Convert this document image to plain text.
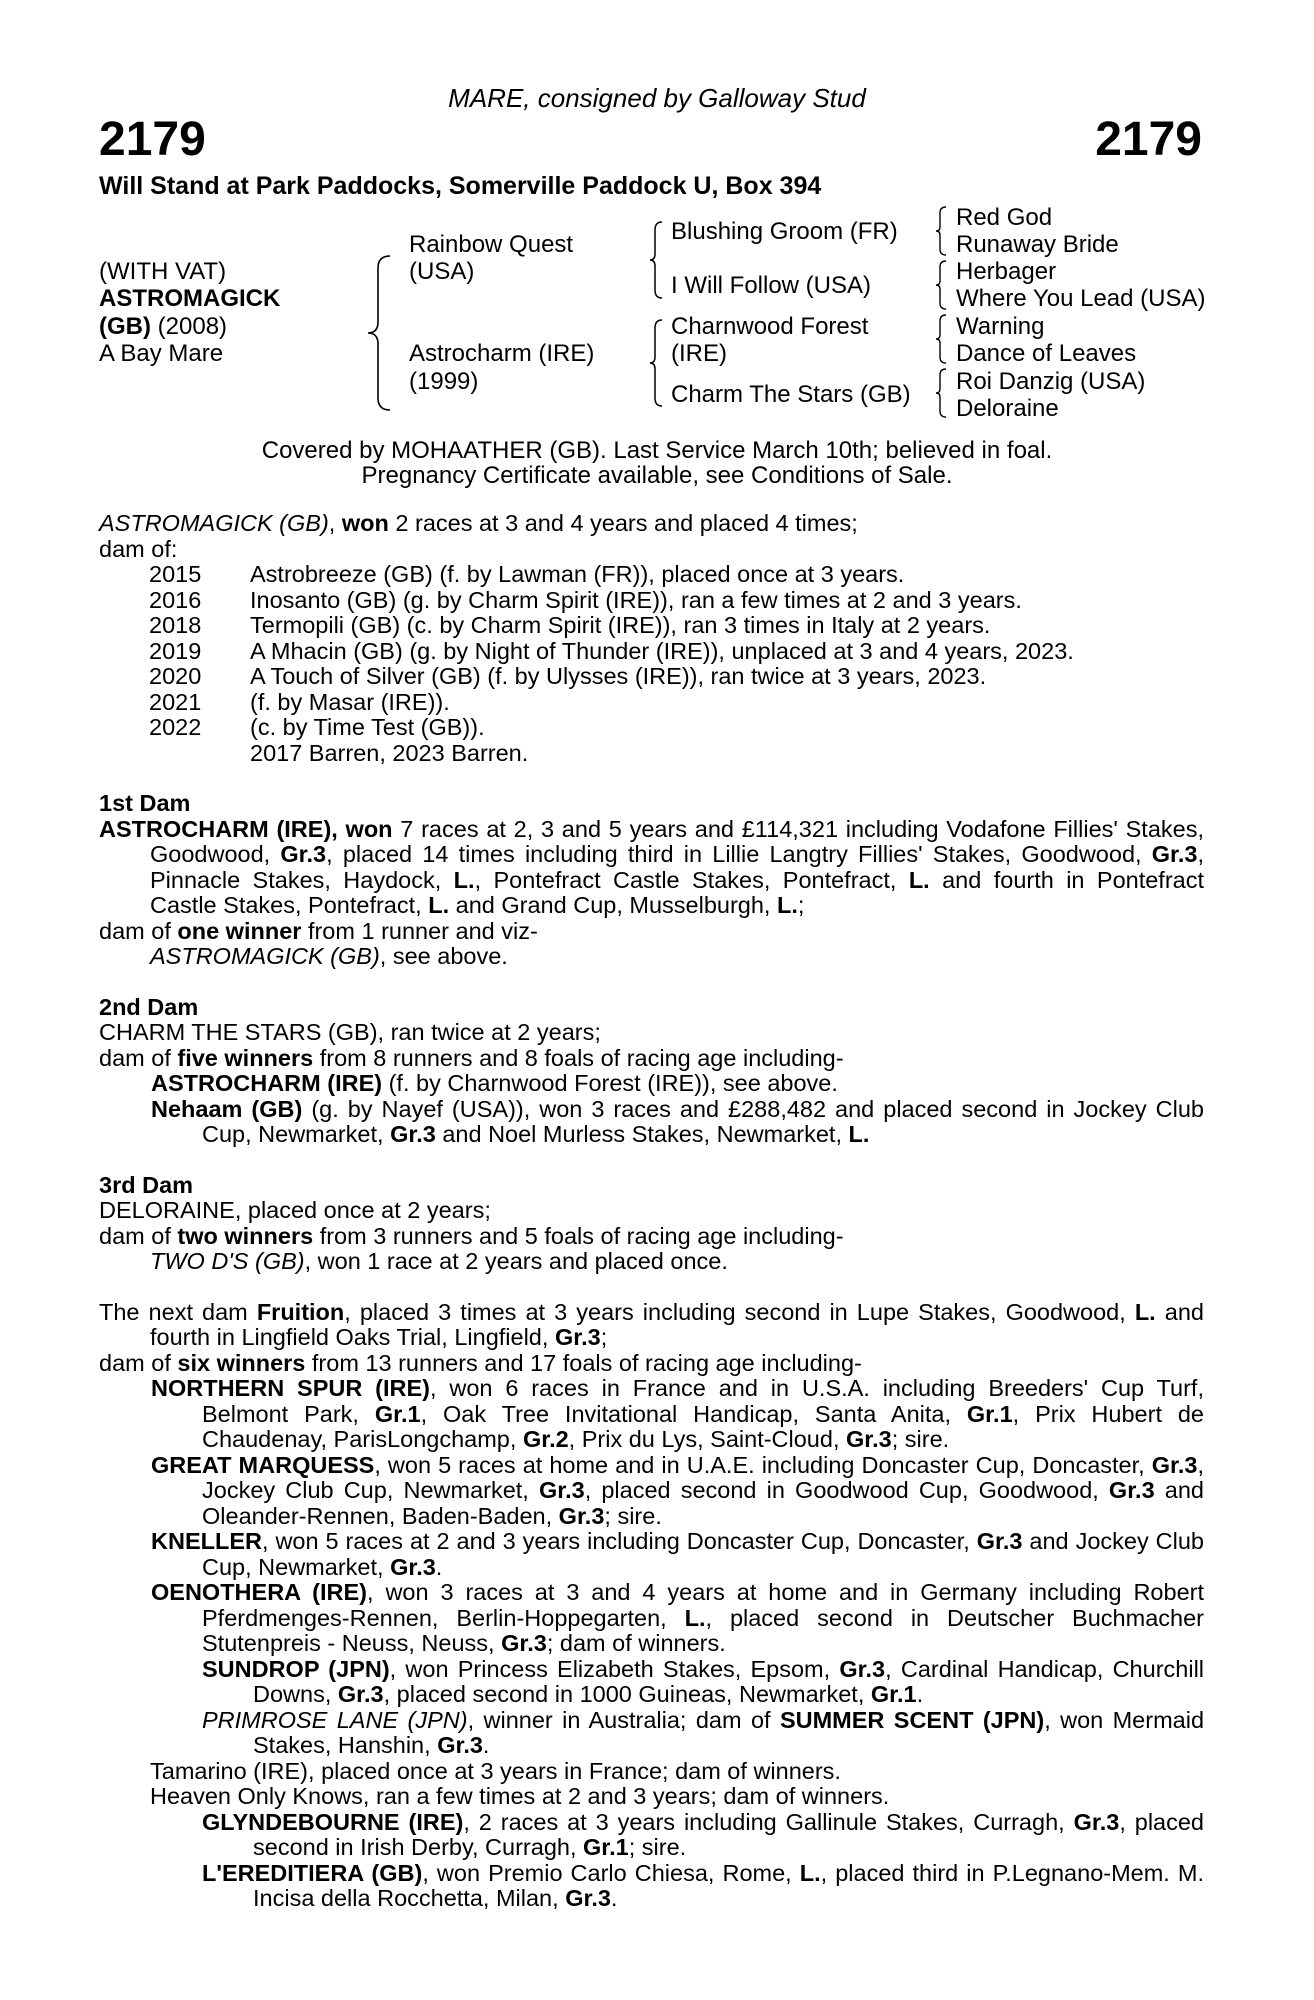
MARE, consigned by Galloway Stud
2179	2179
Will Stand at Park Paddocks, Somerville Paddock U, Box 394
(WITH VAT)
ASTROMAGICK
(GB) (2008)
A Bay Mare
Rainbow Quest
(USA)
Astrocharm (IRE)
(1999)
Blushing Groom (FR)
I Will Follow (USA)
Charnwood Forest
(IRE)
Charm The Stars (GB)
Red God
Runaway Bride
Herbager
Where You Lead (USA)
Warning
Dance of Leaves
Roi Danzig (USA)
Deloraine
Covered by MOHAATHER (GB). Last Service March 10th; believed in foal.
Pregnancy Certificate available, see Conditions of Sale.

ASTROMAGICK (GB), won 2 races at 3 and 4 years and placed 4 times;

dam of:

2015 Astrobreeze (GB) (f. by Lawman (FR)), placed once at 3 years.

2016 Inosanto (GB) (g. by Charm Spirit (IRE)), ran a few times at 2 and 3 years.

2018 Termopili (GB) (c. by Charm Spirit (IRE)), ran 3 times in Italy at 2 years.

2019 A Mhacin (GB) (g. by Night of Thunder (IRE)), unplaced at 3 and 4 years, 2023.

2020 A Touch of Silver (GB) (f. by Ulysses (IRE)), ran twice at 3 years, 2023.

2021 (f. by Masar (IRE)).

2022 (c. by Time Test (GB)).

2017 Barren, 2023 Barren.

1st Dam

ASTROCHARM (IRE), won 7 races at 2, 3 and 5 years and £114,321 including Vodafone Fillies' Stakes, Goodwood, Gr.3, placed 14 times including third in Lillie Langtry Fillies' Stakes, Goodwood, Gr.3, Pinnacle Stakes, Haydock, L., Pontefract Castle Stakes, Pontefract, L. and fourth in Pontefract Castle Stakes, Pontefract, L. and Grand Cup, Musselburgh, L.;

dam of one winner from 1 runner and viz-

ASTROMAGICK (GB), see above.

2nd Dam

CHARM THE STARS (GB), ran twice at 2 years;

dam of five winners from 8 runners and 8 foals of racing age including-

ASTROCHARM (IRE) (f. by Charnwood Forest (IRE)), see above.

Nehaam (GB) (g. by Nayef (USA)), won 3 races and £288,482 and placed second in Jockey Club Cup, Newmarket, Gr.3 and Noel Murless Stakes, Newmarket, L.

3rd Dam

DELORAINE, placed once at 2 years;

dam of two winners from 3 runners and 5 foals of racing age including-

TWO D'S (GB), won 1 race at 2 years and placed once.

The next dam Fruition, placed 3 times at 3 years including second in Lupe Stakes, Goodwood, L. and fourth in Lingfield Oaks Trial, Lingfield, Gr.3;

dam of six winners from 13 runners and 17 foals of racing age including-

NORTHERN SPUR (IRE), won 6 races in France and in U.S.A. including Breeders' Cup Turf, Belmont Park, Gr.1, Oak Tree Invitational Handicap, Santa Anita, Gr.1, Prix Hubert de Chaudenay, ParisLongchamp, Gr.2, Prix du Lys, Saint-Cloud, Gr.3; sire.

GREAT MARQUESS, won 5 races at home and in U.A.E. including Doncaster Cup, Doncaster, Gr.3, Jockey Club Cup, Newmarket, Gr.3, placed second in Goodwood Cup, Goodwood, Gr.3 and Oleander-Rennen, Baden-Baden, Gr.3; sire.

KNELLER, won 5 races at 2 and 3 years including Doncaster Cup, Doncaster, Gr.3 and Jockey Club Cup, Newmarket, Gr.3.

OENOTHERA (IRE), won 3 races at 3 and 4 years at home and in Germany including Robert Pferdmenges-Rennen, Berlin-Hoppegarten, L., placed second in Deutscher Buchmacher Stutenpreis - Neuss, Neuss, Gr.3; dam of winners.

SUNDROP (JPN), won Princess Elizabeth Stakes, Epsom, Gr.3, Cardinal Handicap, Churchill Downs, Gr.3, placed second in 1000 Guineas, Newmarket, Gr.1.

PRIMROSE LANE (JPN), winner in Australia; dam of SUMMER SCENT (JPN), won Mermaid Stakes, Hanshin, Gr.3.

Tamarino (IRE), placed once at 3 years in France; dam of winners.

Heaven Only Knows, ran a few times at 2 and 3 years; dam of winners.

GLYNDEBOURNE (IRE), 2 races at 3 years including Gallinule Stakes, Curragh, Gr.3, placed second in Irish Derby, Curragh, Gr.1; sire.

L'EREDITIERA (GB), won Premio Carlo Chiesa, Rome, L., placed third in P.Legnano-Mem. M. Incisa della Rocchetta, Milan, Gr.3.
